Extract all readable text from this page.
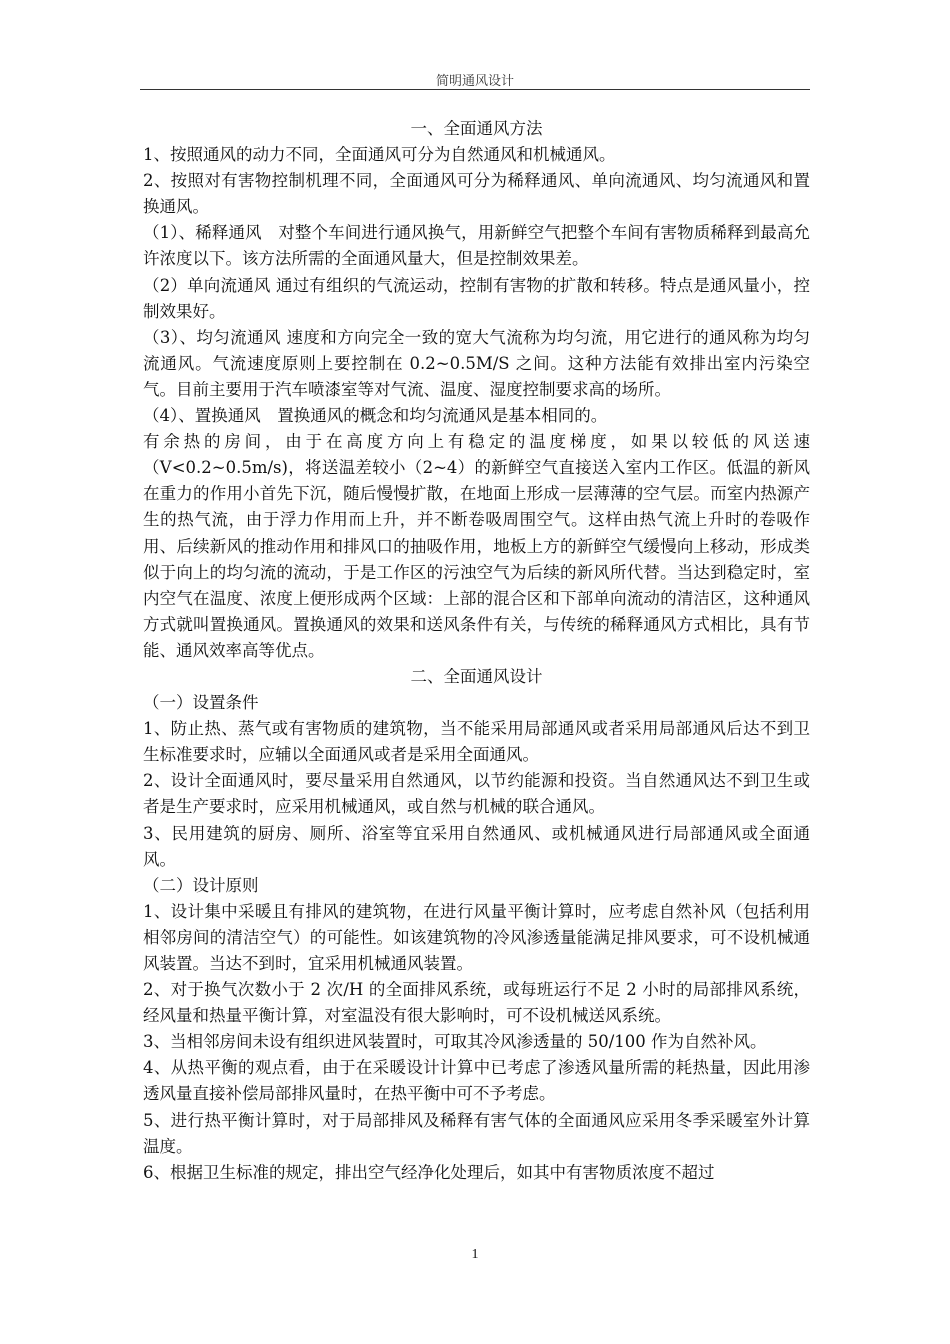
简明通风设计

一、全面通风方法

1、按照通风的动力不同，全面通风可分为自然通风和机械通风。

2、按照对有害物控制机理不同，全面通风可分为稀释通风、单向流通风、均匀流通风和置换通风。

（1）、稀释通风　对整个车间进行通风换气，用新鲜空气把整个车间有害物质稀释到最高允许浓度以下。该方法所需的全面通风量大，但是控制效果差。

（2）单向流通风 通过有组织的气流运动，控制有害物的扩散和转移。特点是通风量小，控制效果好。

（3）、均匀流通风 速度和方向完全一致的宽大气流称为均匀流，用它进行的通风称为均匀流通风。气流速度原则上要控制在 0.2~0.5M/S 之间。这种方法能有效排出室内污染空气。目前主要用于汽车喷漆室等对气流、温度、湿度控制要求高的场所。

（4）、置换通风　置换通风的概念和均匀流通风是基本相同的。

有余热的房间，由于在高度方向上有稳定的温度梯度，如果以较低的风送速（V<0.2~0.5m/s)，将送温差较小（2~4）的新鲜空气直接送入室内工作区。低温的新风在重力的作用小首先下沉，随后慢慢扩散，在地面上形成一层薄薄的空气层。而室内热源产生的热气流，由于浮力作用而上升，并不断卷吸周围空气。这样由热气流上升时的卷吸作用、后续新风的推动作用和排风口的抽吸作用，地板上方的新鲜空气缓慢向上移动，形成类似于向上的均匀流的流动，于是工作区的污浊空气为后续的新风所代替。当达到稳定时，室内空气在温度、浓度上便形成两个区域：上部的混合区和下部单向流动的清洁区，这种通风方式就叫置换通风。置换通风的效果和送风条件有关，与传统的稀释通风方式相比，具有节能、通风效率高等优点。

二、全面通风设计

（一）设置条件

1、防止热、蒸气或有害物质的建筑物，当不能采用局部通风或者采用局部通风后达不到卫生标准要求时，应辅以全面通风或者是采用全面通风。

2、设计全面通风时，要尽量采用自然通风，以节约能源和投资。当自然通风达不到卫生或者是生产要求时，应采用机械通风，或自然与机械的联合通风。

3、民用建筑的厨房、厕所、浴室等宜采用自然通风、或机械通风进行局部通风或全面通风。

（二）设计原则

1、设计集中采暖且有排风的建筑物，在进行风量平衡计算时，应考虑自然补风（包括利用相邻房间的清洁空气）的可能性。如该建筑物的冷风渗透量能满足排风要求，可不设机械通风装置。当达不到时，宜采用机械通风装置。

2、对于换气次数小于 2 次/H 的全面排风系统，或每班运行不足 2 小时的局部排风系统，经风量和热量平衡计算，对室温没有很大影响时，可不设机械送风系统。

3、当相邻房间未设有组织进风装置时，可取其冷风渗透量的 50/100 作为自然补风。

4、从热平衡的观点看，由于在采暖设计计算中已考虑了渗透风量所需的耗热量，因此用渗透风量直接补偿局部排风量时，在热平衡中可不予考虑。

5、进行热平衡计算时，对于局部排风及稀释有害气体的全面通风应采用冬季采暖室外计算温度。

6、根据卫生标准的规定，排出空气经净化处理后，如其中有害物质浓度不超过

1
